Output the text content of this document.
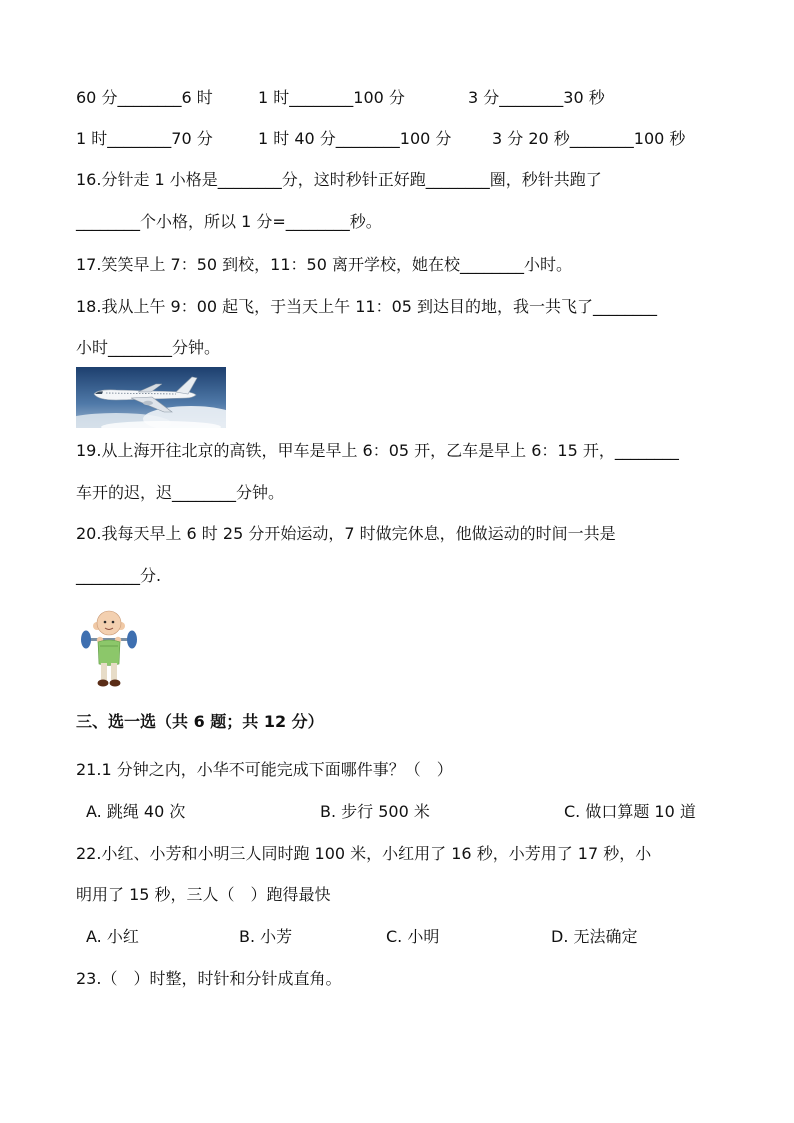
60 分________6 时	1 时________100 分	3 分________30 秒
1 时________70 分	1 时 40 分________100 分	3 分 20 秒________100 秒
16.分针走 1 小格是________分，这时秒针正好跑________圈，秒针共跑了
________个小格，所以 1 分=________秒。
17.笑笑早上 7：50 到校，11：50 离开学校，她在校________小时。
18.我从上午 9：00 起飞，于当天上午 11：05 到达目的地，我一共飞了________
小时________分钟。
19.从上海开往北京的高铁，甲车是早上 6：05 开，乙车是早上 6：15 开，________
车开的迟，迟________分钟。
20.我每天早上 6 时 25 分开始运动，7 时做完休息，他做运动的时间一共是
________分.
三、选一选（共 6 题；共 12 分）
21.1 分钟之内，小华不可能完成下面哪件事？（　）
A. 跳绳 40 次	B. 步行 500 米	C. 做口算题 10 道
22.小红、小芳和小明三人同时跑 100 米，小红用了 16 秒，小芳用了 17 秒，小
明用了 15 秒，三人（　）跑得最快
A. 小红	B. 小芳	C. 小明	D. 无法确定
23.（　）时整，时针和分针成直角。
